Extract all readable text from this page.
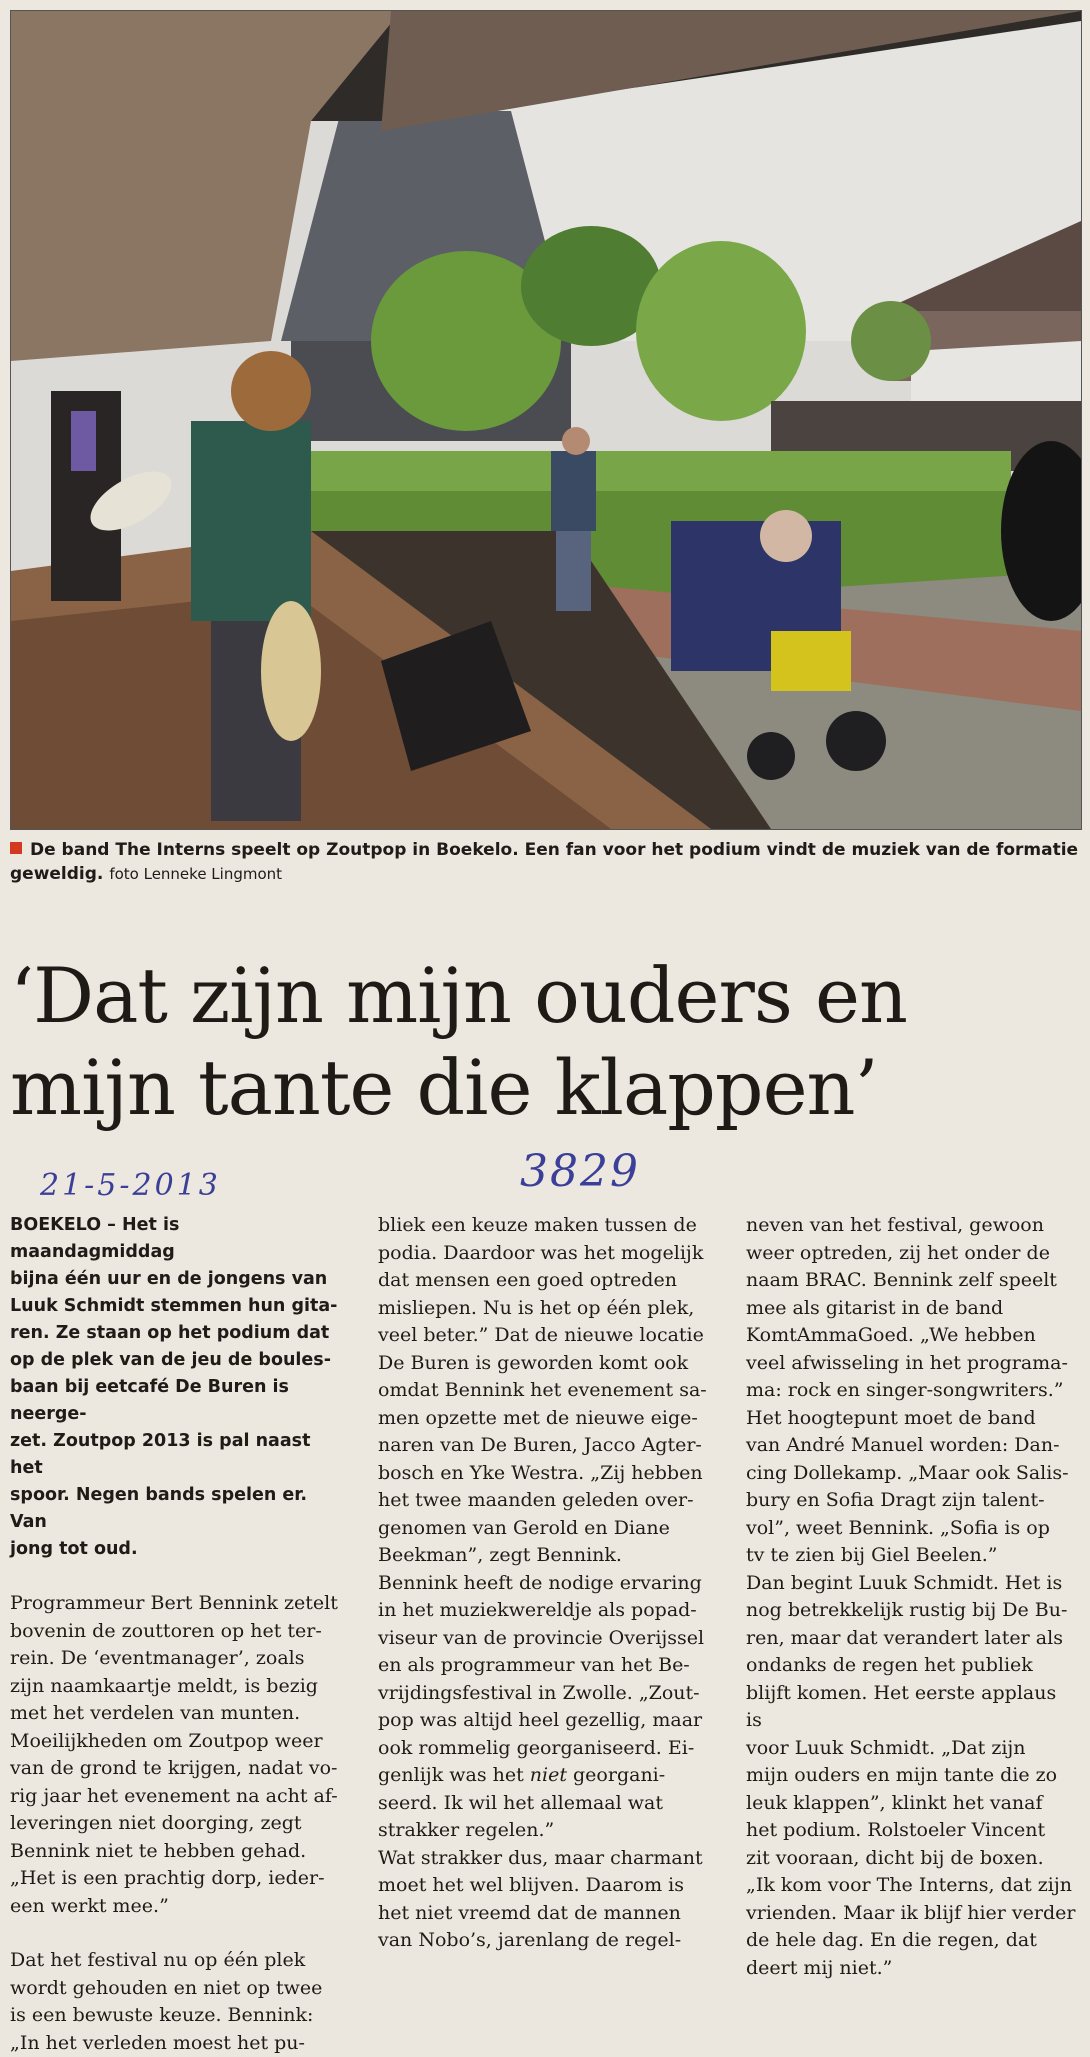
De band The Interns speelt op Zoutpop in Boekelo. Een fan voor het podium vindt de muziek van de formatie geweldig. foto Lenneke Lingmont
‘Dat zijn mijn ouders en
mijn tante die klappen’
21-5-2013	3829

BOEKELO – Het is maandagmiddag
bijna één uur en de jongens van
Luuk Schmidt stemmen hun gita-
ren. Ze staan op het podium dat
op de plek van de jeu de boules-
baan bij eetcafé De Buren is neerge-
zet. Zoutpop 2013 is pal naast het
spoor. Negen bands spelen er. Van
jong tot oud.

Programmeur Bert Bennink zetelt
bovenin de zouttoren op het ter-
rein. De ‘eventmanager’, zoals
zijn naamkaartje meldt, is bezig
met het verdelen van munten.
Moeilijkheden om Zoutpop weer
van de grond te krijgen, nadat vo-
rig jaar het evenement na acht af-
leveringen niet doorging, zegt
Bennink niet te hebben gehad.
„Het is een prachtig dorp, ieder-
een werkt mee.”

Dat het festival nu op één plek
wordt gehouden en niet op twee
is een bewuste keuze. Bennink:
„In het verleden moest het pu-

bliek een keuze maken tussen de
podia. Daardoor was het mogelijk
dat mensen een goed optreden
misliepen. Nu is het op één plek,
veel beter.” Dat de nieuwe locatie
De Buren is geworden komt ook
omdat Bennink het evenement sa-
men opzette met de nieuwe eige-
naren van De Buren, Jacco Agter-
bosch en Yke Westra. „Zij hebben
het twee maanden geleden over-
genomen van Gerold en Diane
Beekman”, zegt Bennink.
Bennink heeft de nodige ervaring
in het muziekwereldje als popad-
viseur van de provincie Overijssel
en als programmeur van het Be-
vrijdingsfestival in Zwolle. „Zout-
pop was altijd heel gezellig, maar
ook rommelig georganiseerd. Ei-
genlijk was het niet georgani-
seerd. Ik wil het allemaal wat
strakker regelen.”
Wat strakker dus, maar charmant
moet het wel blijven. Daarom is
het niet vreemd dat de mannen
van Nobo’s, jarenlang de regel-

neven van het festival, gewoon
weer optreden, zij het onder de
naam BRAC. Bennink zelf speelt
mee als gitarist in de band
KomtAmmaGoed. „We hebben
veel afwisseling in het programa-
ma: rock en singer-songwriters.”
Het hoogtepunt moet de band
van André Manuel worden: Dan-
cing Dollekamp. „Maar ook Salis-
bury en Sofia Dragt zijn talent-
vol”, weet Bennink. „Sofia is op
tv te zien bij Giel Beelen.”
Dan begint Luuk Schmidt. Het is
nog betrekkelijk rustig bij De Bu-
ren, maar dat verandert later als
ondanks de regen het publiek
blijft komen. Het eerste applaus is
voor Luuk Schmidt. „Dat zijn
mijn ouders en mijn tante die zo
leuk klappen”, klinkt het vanaf
het podium. Rolstoeler Vincent
zit vooraan, dicht bij de boxen.
„Ik kom voor The Interns, dat zijn
vrienden. Maar ik blijf hier verder
de hele dag. En die regen, dat
deert mij niet.”
